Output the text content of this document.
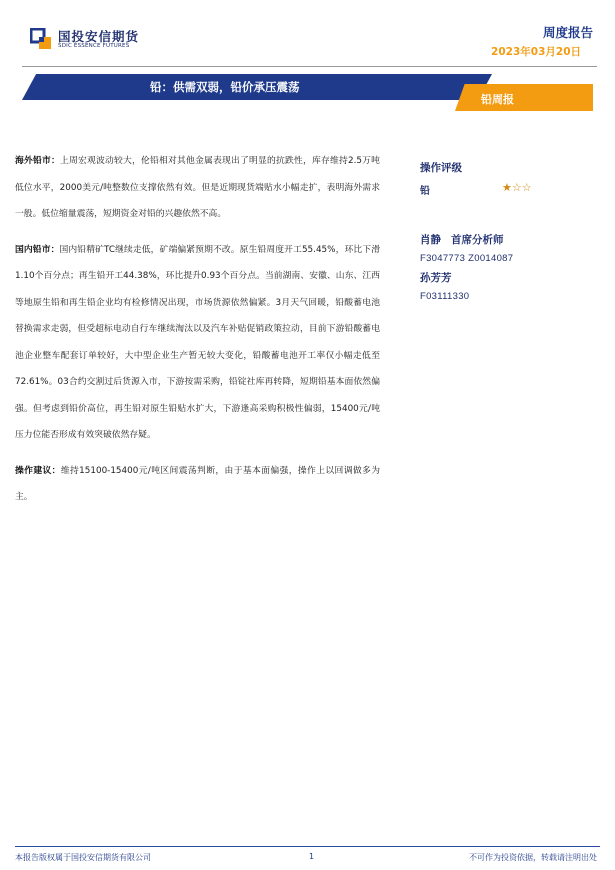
国投安信期货
SDIC ESSENCE FUTURES
周度报告
2023年03月20日
铅：供需双弱，铅价承压震荡
铅周报

海外铅市：上周宏观波动较大，伦铅相对其他金属表现出了明显的抗跌性，库存维持2.5万吨低位水平，2000美元/吨整数位支撑依然有效。但是近期现货端贴水小幅走扩，表明海外需求一般。低位缩量震荡，短期资金对铅的兴趣依然不高。

国内铅市：国内铅精矿TC继续走低，矿端偏紧预期不改。原生铅周度开工55.45%，环比下滑1.10个百分点；再生铅开工44.38%，环比提升0.93个百分点。当前湖南、安徽、山东、江西等地原生铅和再生铅企业均有检修情况出现，市场货源依然偏紧。3月天气回暖，铅酸蓄电池替换需求走弱，但受超标电动自行车继续淘汰以及汽车补贴促销政策拉动，目前下游铅酸蓄电池企业整车配套订单较好，大中型企业生产暂无较大变化，铅酸蓄电池开工率仅小幅走低至72.61%。03合约交割过后货源入市，下游按需采购，铅锭社库再转降，短期铅基本面依然偏强。但考虑到铅价高位，再生铅对原生铅贴水扩大，下游逢高采购积极性偏弱，15400元/吨压力位能否形成有效突破依然存疑。

操作建议：维持15100-15400元/吨区间震荡判断，由于基本面偏强，操作上以回调做多为主。

操作评级
铅	★☆☆
肖静 首席分析师
F3047773 Z0014087
孙芳芳
F03111330
本报告版权属于国投安信期货有限公司	1	不可作为投资依据，转载请注明出处
